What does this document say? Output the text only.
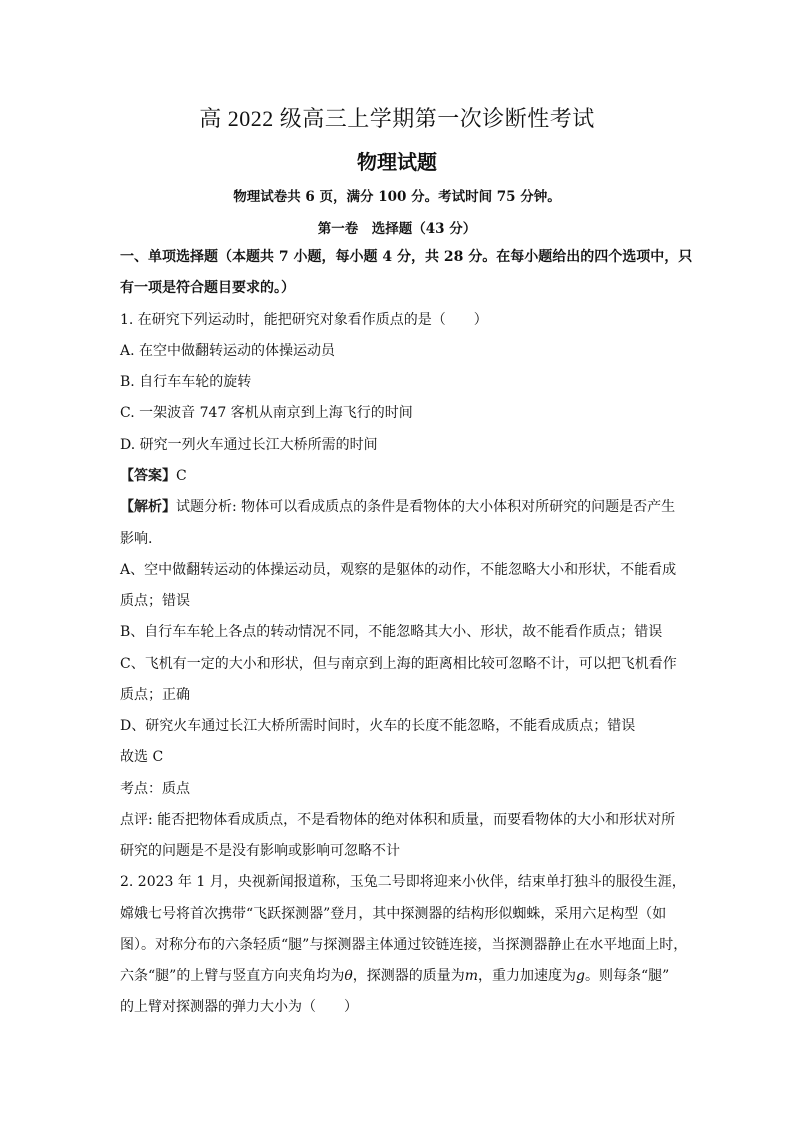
高 2022 级高三上学期第一次诊断性考试
物理试题
物理试卷共 6 页，满分 100 分。考试时间 75 分钟。
第一卷　选择题（43 分）
一、单项选择题（本题共 7 小题，每小题 4 分，共 28 分。在每小题给出的四个选项中，只
有一项是符合题目要求的。）
1. 在研究下列运动时，能把研究对象看作质点的是（　　）
A. 在空中做翻转运动的体操运动员
B. 自行车车轮的旋转
C. 一架波音 747 客机从南京到上海飞行的时间
D. 研究一列火车通过长江大桥所需的时间
【答案】C
【解析】试题分析: 物体可以看成质点的条件是看物体的大小体积对所研究的问题是否产生
影响.
A、空中做翻转运动的体操运动员，观察的是躯体的动作，不能忽略大小和形状，不能看成
质点；错误
B、自行车车轮上各点的转动情况不同，不能忽略其大小、形状，故不能看作质点；错误
C、飞机有一定的大小和形状，但与南京到上海的距离相比较可忽略不计，可以把飞机看作
质点；正确
D、研究火车通过长江大桥所需时间时，火车的长度不能忽略，不能看成质点；错误
故选 C
考点：质点
点评: 能否把物体看成质点，不是看物体的绝对体积和质量，而要看物体的大小和形状对所
研究的问题是不是没有影响或影响可忽略不计
2. 2023 年 1 月，央视新闻报道称，玉兔二号即将迎来小伙伴，结束单打独斗的服役生涯，
嫦娥七号将首次携带“飞跃探测器”登月，其中探测器的结构形似蜘蛛，采用六足构型（如
图）。对称分布的六条轻质“腿”与探测器主体通过铰链连接，当探测器静止在水平地面上时，
六条“腿”的上臂与竖直方向夹角均为θ，探测器的质量为m，重力加速度为g。则每条“腿”
的上臂对探测器的弹力大小为（　　）
